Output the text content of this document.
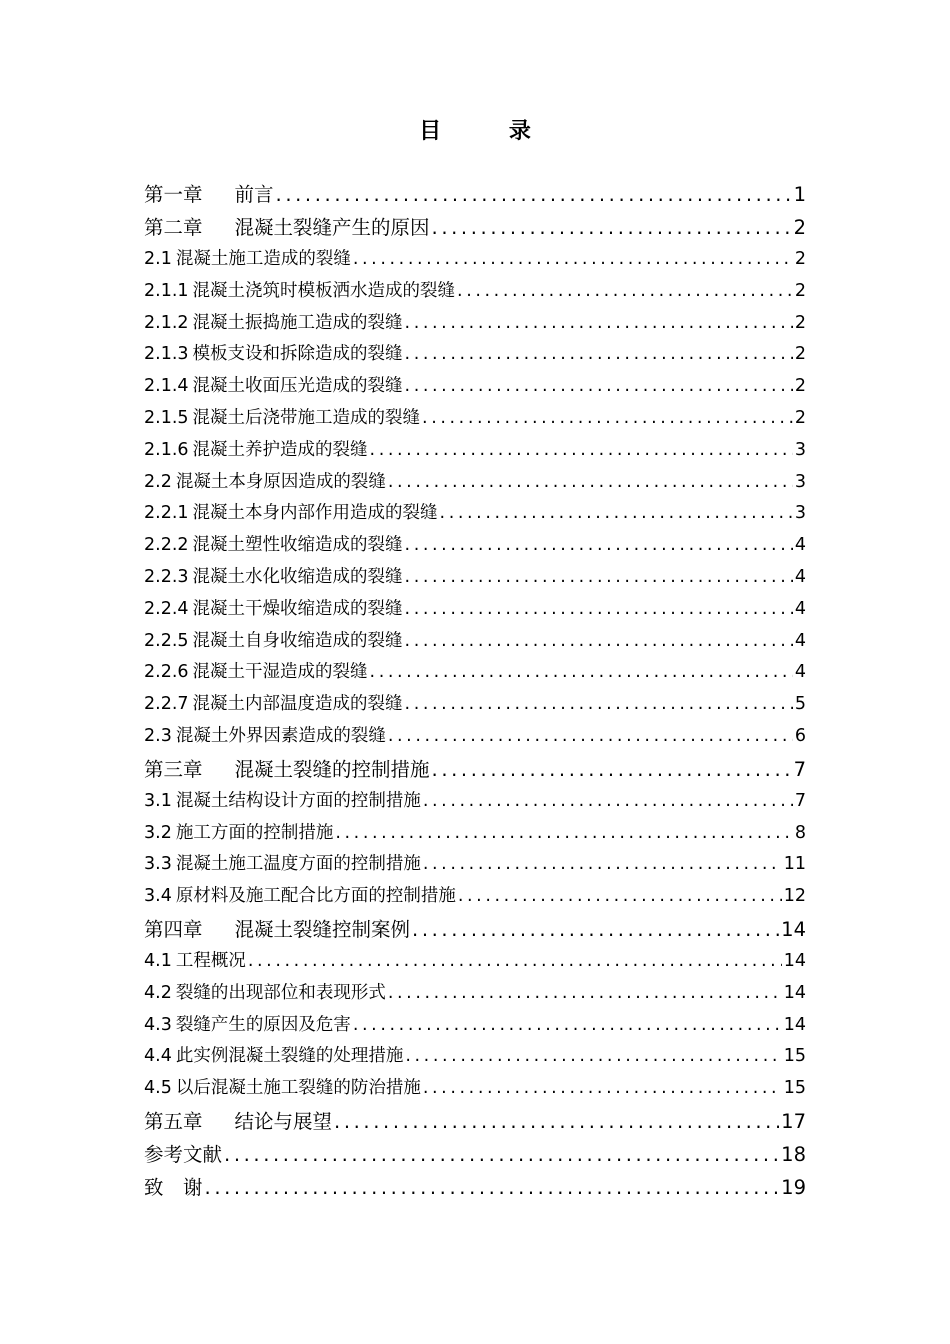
目 录
第一章 前言 .....	1
第二章 混凝土裂缝产生的原因 .....	2
2.1 混凝土施工造成的裂缝 .....	2
2.1.1 混凝土浇筑时模板洒水造成的裂缝 .....	2
2.1.2 混凝土振捣施工造成的裂缝 .....	2
2.1.3 模板支设和拆除造成的裂缝 .....	2
2.1.4 混凝土收面压光造成的裂缝 .....	2
2.1.5 混凝土后浇带施工造成的裂缝 .....	2
2.1.6 混凝土养护造成的裂缝 .....	3
2.2 混凝土本身原因造成的裂缝 .....	3
2.2.1 混凝土本身内部作用造成的裂缝 .....	3
2.2.2 混凝土塑性收缩造成的裂缝 .....	4
2.2.3 混凝土水化收缩造成的裂缝 .....	4
2.2.4 混凝土干燥收缩造成的裂缝 .....	4
2.2.5 混凝土自身收缩造成的裂缝 .....	4
2.2.6 混凝土干湿造成的裂缝 .....	4
2.2.7 混凝土内部温度造成的裂缝 .....	5
2.3 混凝土外界因素造成的裂缝 .....	6
第三章 混凝土裂缝的控制措施 .....	7
3.1 混凝土结构设计方面的控制措施 .....	7
3.2 施工方面的控制措施 .....	8
3.3 混凝土施工温度方面的控制措施 .....	11
3.4 原材料及施工配合比方面的控制措施 .....	12
第四章 混凝土裂缝控制案例 .....	14
4.1 工程概况 .....	14
4.2 裂缝的出现部位和表现形式 .....	14
4.3 裂缝产生的原因及危害 .....	14
4.4 此实例混凝土裂缝的处理措施 .....	15
4.5 以后混凝土施工裂缝的防治措施 .....	15
第五章 结论与展望 .....	17
参考文献 .....	18
致　谢 .....	19
